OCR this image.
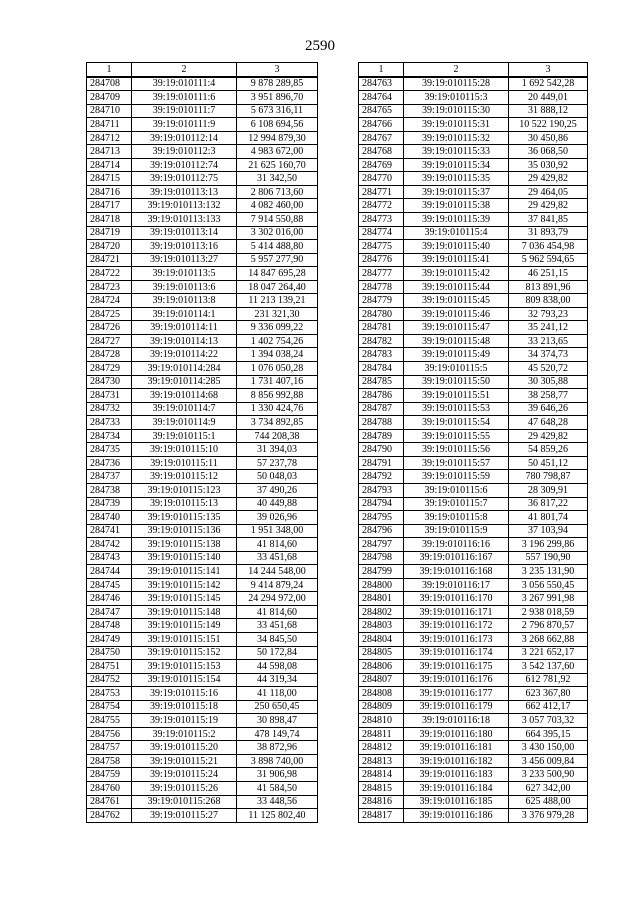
2590
1	2	3
284708	39:19:010111:4	9 878 289,85
284709	39:19:010111:6	3 951 896,70
284710	39:19:010111:7	5 673 316,11
284711	39:19:010111:9	6 108 694,56
284712	39:19:010112:14	12 994 879,30
284713	39:19:010112:3	4 983 672,00
284714	39:19:010112:74	21 625 160,70
284715	39:19:010112:75	31 342,50
284716	39:19:010113:13	2 806 713,60
284717	39:19:010113:132	4 082 460,00
284718	39:19:010113:133	7 914 550,88
284719	39:19:010113:14	3 302 016,00
284720	39:19:010113:16	5 414 488,80
284721	39:19:010113:27	5 957 277,90
284722	39:19:010113:5	14 847 695,28
284723	39:19:010113:6	18 047 264,40
284724	39:19:010113:8	11 213 139,21
284725	39:19:010114:1	231 321,30
284726	39:19:010114:11	9 336 099,22
284727	39:19:010114:13	1 402 754,26
284728	39:19:010114:22	1 394 038,24
284729	39:19:010114:284	1 076 050,28
284730	39:19:010114:285	1 731 407,16
284731	39:19:010114:68	8 856 992,88
284732	39:19:010114:7	1 330 424,76
284733	39:19:010114:9	3 734 892,85
284734	39:19:010115:1	744 208,38
284735	39:19:010115:10	31 394,03
284736	39:19:010115:11	57 237,78
284737	39:19:010115:12	50 048,03
284738	39:19:010115:123	37 490,26
284739	39:19:010115:13	40 449,88
284740	39:19:010115:135	39 026,96
284741	39:19:010115:136	1 951 348,00
284742	39:19:010115:138	41 814,60
284743	39:19:010115:140	33 451,68
284744	39:19:010115:141	14 244 548,00
284745	39:19:010115:142	9 414 879,24
284746	39:19:010115:145	24 294 972,00
284747	39:19:010115:148	41 814,60
284748	39:19:010115:149	33 451,68
284749	39:19:010115:151	34 845,50
284750	39:19:010115:152	50 172,84
284751	39:19:010115:153	44 598,08
284752	39:19:010115:154	44 319,34
284753	39:19:010115:16	41 118,00
284754	39:19:010115:18	250 650,45
284755	39:19:010115:19	30 898,47
284756	39:19:010115:2	478 149,74
284757	39:19:010115:20	38 872,96
284758	39:19:010115:21	3 898 740,00
284759	39:19:010115:24	31 906,98
284760	39:19:010115:26	41 584,50
284761	39:19:010115:268	33 448,56
284762	39:19:010115:27	11 125 802,40
1	2	3
284763	39:19:010115:28	1 692 542,28
284764	39:19:010115:3	20 449,01
284765	39:19:010115:30	31 888,12
284766	39:19:010115:31	10 522 190,25
284767	39:19:010115:32	30 450,86
284768	39:19:010115:33	36 068,50
284769	39:19:010115:34	35 030,92
284770	39:19:010115:35	29 429,82
284771	39:19:010115:37	29 464,05
284772	39:19:010115:38	29 429,82
284773	39:19:010115:39	37 841,85
284774	39:19:010115:4	31 893,79
284775	39:19:010115:40	7 036 454,98
284776	39:19:010115:41	5 962 594,65
284777	39:19:010115:42	46 251,15
284778	39:19:010115:44	813 891,96
284779	39:19:010115:45	809 838,00
284780	39:19:010115:46	32 793,23
284781	39:19:010115:47	35 241,12
284782	39:19:010115:48	33 213,65
284783	39:19:010115:49	34 374,73
284784	39:19:010115:5	45 520,72
284785	39:19:010115:50	30 305,88
284786	39:19:010115:51	38 258,77
284787	39:19:010115:53	39 646,26
284788	39:19:010115:54	47 648,28
284789	39:19:010115:55	29 429,82
284790	39:19:010115:56	54 859,26
284791	39:19:010115:57	50 451,12
284792	39:19:010115:59	780 798,87
284793	39:19:010115:6	28 309,91
284794	39:19:010115:7	36 817,22
284795	39:19:010115:8	41 801,74
284796	39:19:010115:9	37 103,94
284797	39:19:010116:16	3 196 299,86
284798	39:19:010116:167	557 190,90
284799	39:19:010116:168	3 235 131,90
284800	39:19:010116:17	3 056 550,45
284801	39:19:010116:170	3 267 991,98
284802	39:19:010116:171	2 938 018,59
284803	39:19:010116:172	2 796 870,57
284804	39:19:010116:173	3 268 662,88
284805	39:19:010116:174	3 221 652,17
284806	39:19:010116:175	3 542 137,60
284807	39:19:010116:176	612 781,92
284808	39:19:010116:177	623 367,80
284809	39:19:010116:179	662 412,17
284810	39:19:010116:18	3 057 703,32
284811	39:19:010116:180	664 395,15
284812	39:19:010116:181	3 430 150,00
284813	39:19:010116:182	3 456 009,84
284814	39:19:010116:183	3 233 500,90
284815	39:19:010116:184	627 342,00
284816	39:19:010116:185	625 488,00
284817	39:19:010116:186	3 376 979,28
